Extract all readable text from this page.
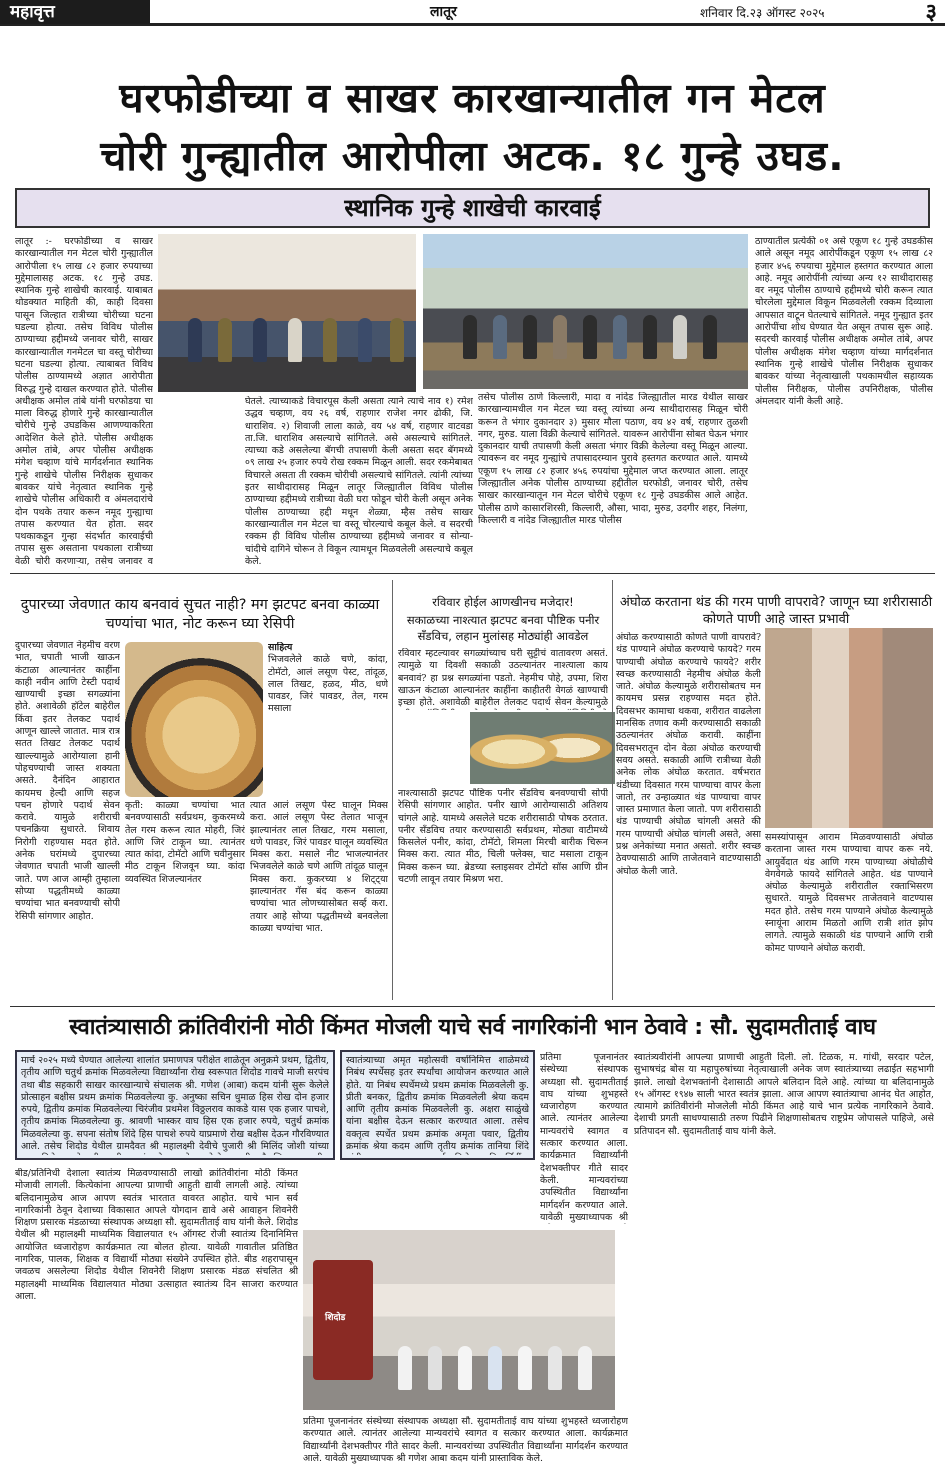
महावृत्त	लातूर	शनिवार दि.२३ ऑगस्ट २०२५	३
घरफोडीच्या व साखर कारखान्यातील गन मेटल
चोरी गुन्ह्यातील आरोपीला अटक. १८ गुन्हे उघड.
स्थानिक गुन्हे शाखेची कारवाई
लातूर :- घरफोडीच्या व साखर कारखान्यातील गन मेटल चोरी गुन्ह्यातील आरोपीला १५ लाख ८२ हजार रुपयाच्या मुद्देमालासह अटक. १८ गुन्हे उघड. स्थानिक गुन्हे शाखेची कारवाई. याबाबत थोडक्यात माहिती की, काही दिवसा पासून जिल्हात रात्रीच्या चोरीच्या घटना घडल्या होत्या. तसेच विविध पोलीस ठाण्याच्या हद्दीमध्ये जनावर चोरी, साखर कारखान्यातील गनमेटल चा वस्तू चोरीच्या घटना घडल्या होत्या. त्याबाबत विविध पोलीस ठाण्यामध्ये अज्ञात आरोपीता विरुद्ध गुन्हे दाखल करण्यात होते. पोलीस अधीक्षक अमोल तांबे यांनी घरफोडया चा माला विरुद्ध होणारे गुन्हे कारखान्यातील चोरीचे गुन्हे उघडकिस आणण्याकरिता आदेशित केले होते. पोलीस अधीक्षक अमोल तांबे, अपर पोलीस अधीक्षक मंगेश चव्हाण यांचे मार्गदर्शनात स्थानिक गुन्हे शाखेचे पोलीस निरीक्षक सुधाकर बावकर यांचे नेतृत्वात स्थानिक गुन्हे शाखेचे पोलीस अधिकारी व अंमलदारांचे दोन पथके तयार करून नमूद गुन्ह्याचा तपास करण्यात येत होता. सदर पथकाकडून गुन्हा संदर्भात कारवाईची तपास सुरू असताना पथकाला रात्रीच्या वेळी चोरी करणाऱ्या, तसेच जनावर व
घेतले. त्याच्याकडे विचारपूस केली असता त्याने त्याचे नाव १) रमेश उद्धव चव्हाण, वय २६ वर्ष, राहणार राजेश नगर ढोकी, जि. धाराशिव. २) शिवाजी लाला काळे, वय ५४ वर्ष, राहणार वाटवडा ता.जि. धाराशिव असल्याचे सांगितले. असे असल्याचे सांगितले. त्याच्या कडे असलेल्या बॅगची तपासणी केली असता सदर बॅगमध्ये ०९ लाख २५ हजार रुपये रोख रक्कम मिळून आली. सदर रकमेबाबत विचारले असता ती रक्कम चोरीची असल्याचे सांगितले. त्यांनी त्यांच्या इतर साथीदारासह मिळून लातूर जिल्ह्यातील विविध पोलीस ठाण्याच्या हद्दीमध्ये रात्रीच्या वेळी घरा फोडून चोरी केली असून अनेक पोलीस ठाण्याच्या हद्दी मधून शेळ्या, म्हैस तसेच साखर कारखान्यातील गन मेटल चा वस्तू चोरल्याचे कबूल केले. व सदरची रक्कम ही विविध पोलीस ठाण्याच्या हद्दीमध्ये जनावर व सोन्या-चांदीचे दागिने चोरून ते विकून त्यामधून मिळवलेली असल्याचे कबूल केले.
तसेच पोलीस ठाणे किल्लारी, मादा व नांदेड जिल्ह्यातील मारड येथील साखर कारखान्यामधील गन मेटल च्या वस्तू त्यांच्या अन्य साथीदारासह मिळून चोरी करून ते भंगार दुकानदार ३) मुसार मौला पठाण, वय ४२ वर्ष, राहणार तुळशी नगर, मुरुड. याला विक्री केल्याचे सांगितले. यावरून आरोपींना सोबत घेऊन भंगार दुकानदार याची तपासणी केली असता भंगार विक्री केलेल्या वस्तू मिळून आल्या. त्यावरून वर नमूद गुन्ह्यांचे तपासादरम्यान पुरावे हस्तगत करण्यात आले. यामध्ये एकूण १५ लाख ८२ हजार ४५६ रुपयांचा मुद्देमाल जप्त करण्यात आला. लातूर जिल्ह्यातील अनेक पोलीस ठाण्याच्या हद्दीतील घरफोडी, जनावर चोरी, तसेच साखर कारखान्यातून गन मेटल चोरीचे एकूण १८ गुन्हे उघडकीस आले आहेत. पोलीस ठाणे कासारशिरसी, किल्लारी, औसा, भादा, मुरुड, उदगीर शहर, निलंगा, किल्लारी व नांदेड जिल्ह्यातील मारड पोलीस
ठाण्यातील प्रत्येकी ०१ असे एकूण १८ गुन्हे उघडकीस आले असून नमूद आरोपींकडून एकूण १५ लाख ८२ हजार ४५६ रुपयाचा मुद्देमाल हस्तगत करण्यात आला आहे. नमूद आरोपींनी त्यांच्या अन्य १२ साथीदारासह वर नमूद पोलीस ठाण्याचे हद्दीमध्ये चोरी करून त्यात चोरलेला मुद्देमाल विकून मिळवलेली रक्कम दिव्याला आपसात वाटून घेतल्याचे सांगितले. नमूद गुन्ह्यात इतर आरोपींचा शोध घेण्यात येत असून तपास सुरू आहे. सदरची कारवाई पोलीस अधीक्षक अमोल तांबे, अपर पोलीस अधीक्षक मंगेश चव्हाण यांच्या मार्गदर्शनात स्थानिक गुन्हे शाखेचे पोलीस निरीक्षक सुधाकर बावकर यांच्या नेतृत्वाखाली पथकामधील सहाय्यक पोलीस निरीक्षक, पोलीस उपनिरीक्षक, पोलीस अंमलदार यांनी केली आहे.
दुपारच्या जेवणात काय बनवावं सुचत नाही? मग झटपट बनवा काळ्या चण्यांचा भात, नोट करून घ्या रेसिपी
दुपारच्या जेवणात नेहमीच वरण भात, चपाती भाजी खाऊन कंटाळा आल्यानंतर काहींना काही नवीन आणि टेस्टी पदार्थ खाण्याची इच्छा सगळ्यांना होते. अशावेळी हॉटेल बाहेरील किंवा इतर तेलकट पदार्थ आणून खाल्ले जातात. मात्र रात्र सतत तिखट तेलकट पदार्थ खाल्ल्यामुळे आरोग्याला हानी पोहचण्याची जास्त शक्यता असते. दैनंदिन आहारात कायमच हेल्दी आणि सहज पचन होणारे पदार्थ सेवन करावे. यामुळे शरीराची पचनक्रिया सुधारते. शिवाय निरोगी राहण्यास मदत होते. अनेक घरांमध्ये दुपारच्या जेवणात चपाती भाजी खाल्ली जाते. पण आज आम्ही तुम्हाला सोप्या पद्धतीमध्ये काळ्या चण्यांचा भात बनवण्याची सोपी रेसिपी सांगणार आहोत.
साहित्य
भिजवलेले काळे चणे, कांदा, टोमॅटो, आलं लसूण पेस्ट, तांदूळ, लाल तिखट, हळद, मीठ, धणे पावडर, जिरं पावडर, तेल, गरम मसाला
कृती: काळ्या चण्यांचा भात बनवण्यासाठी सर्वप्रथम, कुकरमध्ये तेल गरम करून त्यात मोहरी, जिरं आणि जिरं टाकून घ्या. त्यानंतर त्यात कांदा, टोमॅटो आणि चवीनुसार मीठ टाकून शिजवून घ्या. कांदा व्यवस्थित शिजल्यानंतर
त्यात आलं लसूण पेस्ट घालून मिक्स करा. आलं लसूण पेस्ट तेलात भाजून झाल्यानंतर लाल तिखट, गरम मसाला, धणे पावडर, जिरं पावडर घालून व्यवस्थित मिक्स करा. मसाले नीट भाजल्यानंतर भिजवलेले काळे चणे आणि तांदूळ घालून मिक्स करा. कुकरच्या ४ शिट्ट्या झाल्यानंतर गॅस बंद करून काळ्या चण्यांचा भात लोणच्यासोबत सर्व्ह करा. तयार आहे सोप्या पद्धतीमध्ये बनवलेला काळ्या चण्यांचा भात.
रविवार होईल आणखीनच मजेदार!
सकाळच्या नाश्त्यात झटपट बनवा पौष्टिक पनीर सँडविच, लहान मुलांसह मोठ्यांही आवडेल
रविवार म्हटल्यावर सगळ्यांच्याच घरी सुट्टीचं वातावरण असतं. त्यामुळे या दिवशी सकाळी उठल्यानंतर नाश्त्याला काय बनवावं? हा प्रश्न सगळ्यांना पडतो. नेहमीच पोहे, उपमा, शिरा खाऊन कंटाळा आल्यानंतर काहींना काहीतरी वेगळं खाण्याची इच्छा होते. अशावेळी बाहेरील तेलकट पदार्थ सेवन केल्यामुळे
नाश्त्यासाठी झटपट पौष्टिक पनीर सँडविच बनवण्याची सोपी रेसिपी सांगणार आहोत. पनीर खाणे आरोग्यासाठी अतिशय चांगले आहे. यामध्ये असलेले घटक शरीरासाठी पोषक ठरतात. पनीर सँडविच तयार करण्यासाठी सर्वप्रथम, मोठ्या वाटीमध्ये किसलेलं पनीर, कांदा, टोमॅटो, शिमला मिरची बारीक चिरून मिक्स करा. त्यात मीठ, चिली फ्लेक्स, चाट मसाला टाकून मिक्स करून घ्या. ब्रेडच्या स्लाइसवर टोमॅटो सॉस आणि ग्रीन चटणी लावून तयार मिश्रण भरा.
अंघोळ करताना थंड की गरम पाणी वापरावे? जाणून घ्या शरीरासाठी कोणते पाणी आहे जास्त प्रभावी
अंघोळ करण्यासाठी कोणते पाणी वापरावे? थंड पाण्याने अंघोळ करण्याचे फायदे? गरम पाण्याची अंघोळ करण्याचे फायदे? शरीर स्वच्छ करण्यासाठी नेहमीच अंघोळ केली जाते. अंघोळ केल्यामुळे शरीरासोबतच मन कायमच प्रसन्न राहण्यास मदत होते. दिवसभर कामाचा थकवा, शरीरात वाढलेला मानसिक तणाव कमी करण्यासाठी सकाळी उठल्यानंतर अंघोळ करावी. काहींना दिवसभरातून दोन वेळा अंघोळ करण्याची सवय असते. सकाळी आणि रात्रीच्या वेळी अनेक लोक अंघोळ करतात. वर्षभरात थंडीच्या दिवसात गरम पाण्याचा वापर केला जातो, तर उन्हाळ्यात थंड पाण्याचा वापर जास्त प्रमाणात केला जातो. पण शरीरासाठी थंड पाण्याची अंघोळ चांगली असते की गरम पाण्याची अंघोळ चांगली असते, असा प्रश्न अनेकांच्या मनात असतो. शरीर स्वच्छ ठेवण्यासाठी आणि ताजेतवाने वाटण्यासाठी अंघोळ केली जाते.
समस्यांपासून आराम मिळवण्यासाठी अंघोळ करताना जास्त गरम पाण्याचा वापर करू नये. आयुर्वेदात थंड आणि गरम पाण्याच्या अंघोळीचे वेगवेगळे फायदे सांगितले आहेत. थंड पाण्याने अंघोळ केल्यामुळे शरीरातील रक्ताभिसरण सुधारते. यामुळे दिवसभर ताजेतवाने वाटण्यास मदत होते. तसेच गरम पाण्याने अंघोळ केल्यामुळे स्नायूंना आराम मिळतो आणि रात्री शांत झोप लागते. त्यामुळे सकाळी थंड पाण्याने आणि रात्री कोमट पाण्याने अंघोळ करावी.
स्वातंत्र्यासाठी क्रांतिवीरांनी मोठी किंमत मोजली याचे सर्व नागरिकांनी भान ठेवावे : सौ. सुदामतीताई वाघ
मार्च २०२५ मध्ये घेण्यात आलेल्या शालांत प्रमाणपत्र परीक्षेत शाळेतून अनुक्रमे प्रथम, द्वितीय, तृतीय आणि चतुर्थ क्रमांक मिळवलेल्या विद्यार्थ्यांना रोख स्वरूपात शिदोड गावचे माजी सरपंच तथा बीड सहकारी साखर कारखान्याचे संचालक श्री. गणेश (आबा) कदम यांनी सुरू केलेले प्रोत्साहन बक्षीस प्रथम क्रमांक मिळवलेल्या कु. अनुष्का सचिन धुमाळ हिस रोख दोन हजार रुपये, द्वितीय क्रमांक मिळवलेल्या चिरंजीव प्रथमेश विठ्ठलराव काकडे यास एक हजार पाचशे, तृतीय क्रमांक मिळवलेल्या कु. श्रावणी भास्कर वाघ हिस एक हजार रुपये, चतुर्थ क्रमांक मिळवलेल्या कु. सपना संतोष शिंदे हिस पाचशे रुपये याप्रमाणे रोख बक्षीस देऊन गौरविण्यात आले. तसेच शिदोड येथील ग्रामदैवत श्री महालक्ष्मी देवीचे पुजारी श्री मिलिंद जोशी यांच्या
स्वातंत्र्याच्या अमृत महोत्सवी वर्षानिमित्त शाळेमध्ये निबंध स्पर्धेसह इतर स्पर्धांचा आयोजन करण्यात आले होते. या निबंध स्पर्धेमध्ये प्रथम क्रमांक मिळवलेली कु. प्रीती बनकर, द्वितीय क्रमांक मिळवलेली श्रेया कदम आणि तृतीय क्रमांक मिळवलेली कु. अक्षरा साळुंखे यांना बक्षीस देऊन सत्कार करण्यात आला. तसेच वक्तृत्व स्पर्धेत प्रथम क्रमांक अमृता पवार, द्वितीय क्रमांक श्रेया कदम आणि तृतीय क्रमांक तानिया शिंदे
प्रतिमा पूजनानंतर संस्थेच्या संस्थापक अध्यक्षा सौ. सुदामतीताई वाघ यांच्या शुभहस्ते ध्वजारोहण करण्यात आले. त्यानंतर आलेल्या मान्यवरांचे स्वागत व सत्कार करण्यात आला. कार्यक्रमात विद्यार्थ्यांनी देशभक्तीपर गीते सादर केली. मान्यवरांच्या उपस्थितीत विद्यार्थ्यांना मार्गदर्शन करण्यात आले. यावेळी मुख्याध्यापक श्री
स्वातंत्र्यवीरांनी आपल्या प्राणाची आहुती दिली. लो. टिळक, म. गांधी, सरदार पटेल, सुभाषचंद्र बोस या महापुरुषांच्या नेतृत्वाखाली अनेक जण स्वातंत्र्याच्या लढाईत सहभागी झाले. लाखो देशभक्तांनी देशासाठी आपले बलिदान दिले आहे. त्यांच्या या बलिदानामुळे १५ ऑगस्ट १९४७ साली भारत स्वतंत्र झाला. आज आपण स्वातंत्र्याचा आनंद घेत आहोत, त्यामागे क्रांतिवीरांनी मोजलेली मोठी किंमत आहे याचे भान प्रत्येक नागरिकाने ठेवावे. देशाची प्रगती साधण्यासाठी तरुण पिढीने शिक्षणासोबतच राष्ट्रप्रेम जोपासले पाहिजे, असे प्रतिपादन सौ. सुदामतीताई वाघ यांनी केले.
बीड/प्रतिनिधी देशाला स्वातंत्र्य मिळवण्यासाठी लाखो क्रांतिवीरांना मोठी किंमत मोजावी लागली. कित्येकांना आपल्या प्राणाची आहुती द्यावी लागली आहे. त्यांच्या बलिदानामुळेच आज आपण स्वतंत्र भारतात वावरत आहोत. याचे भान सर्व नागरिकांनी ठेवून देशाच्या विकासात आपले योगदान द्यावे असे आवाहन शिवनेरी शिक्षण प्रसारक मंडळाच्या संस्थापक अध्यक्षा सौ. सुदामतीताई वाघ यांनी केले. शिदोड येथील श्री महालक्ष्मी माध्यमिक विद्यालयात १५ ऑगस्ट रोजी स्वातंत्र्य दिनानिमित्त आयोजित ध्वजारोहण कार्यक्रमात त्या बोलत होत्या. यावेळी गावातील प्रतिष्ठित नागरिक, पालक, शिक्षक व विद्यार्थी मोठ्या संख्येने उपस्थित होते. बीड शहरापासून जवळच असलेल्या शिदोड येथील शिवनेरी शिक्षण प्रसारक मंडळ संचलित श्री महालक्ष्मी माध्यमिक विद्यालयात मोठ्या उत्साहात स्वातंत्र्य दिन साजरा करण्यात आला.
शिदोड
प्रतिमा पूजनानंतर संस्थेच्या संस्थापक अध्यक्षा सौ. सुदामतीताई वाघ यांच्या शुभहस्ते ध्वजारोहण करण्यात आले. त्यानंतर आलेल्या मान्यवरांचे स्वागत व सत्कार करण्यात आला. कार्यक्रमात विद्यार्थ्यांनी देशभक्तीपर गीते सादर केली. मान्यवरांच्या उपस्थितीत विद्यार्थ्यांना मार्गदर्शन करण्यात आले. यावेळी मुख्याध्यापक श्री गणेश आबा कदम यांनी प्रास्ताविक केले.
